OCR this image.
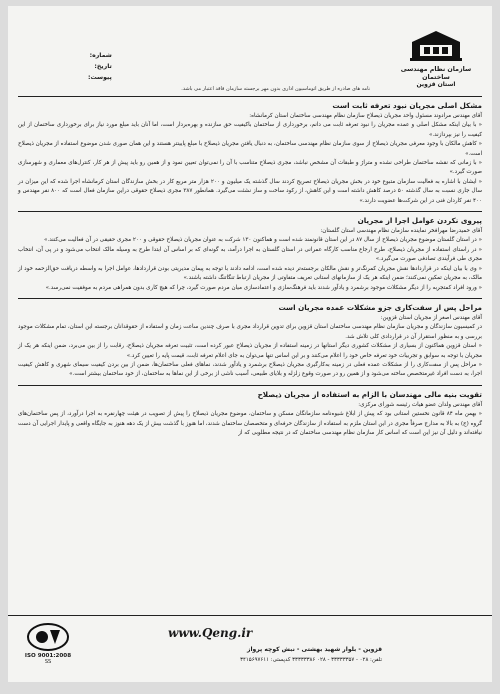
سازمان نظام مهندسی ساختمان
استان قزوین
شماره:
تاریخ:
پیوست:
نامه های صادره از طریق اتوماسیون اداری بدون مهر برجسته سازمان فاقد اعتبار می باشد.
مشکل اصلی مجریان نبود تعرفه ثابت است

آقای مهندس مرادوند مسئول واحد مجریان ذیصلاح سازمان نظام مهندسی ساختمان استان کرمانشاه:

« با بیان اینکه مشکل اصلی و عمده مجریان را نبود تعرفه ثابت می دانم، برخورداری از ساختمان باکیفیت حق سازنده و بهره‌بردار است، اما آنان باید مبلغ مورد نیاز برای برخورداری ساختمان از این کیفیت را نیز بپردازند.»

« کاهش مالکان با وجود معرفی مجریان ذیصلاح از سوی سازمان نظام مهندسی ساختمان، به دنبال یافتن مجریان ذیصلاح با مبلغ پایینتر هستند و این همان صوری شدن موضوع استفاده از مجریان ذیصلاح است.»

« با زمانی که نقشه ساختمان طراحی نشده و متراژ و طبقات آن مشخص نباشد، مجری ذیصلاح متناسب با آن را نمی‌توان تعیین نمود و از همین رو باید پیش از هر کار، کنترل‌های معماری و شهرسازی صورت گیرد.»

« ایشان با اشاره به فعالیت سازمان متبوع خود در بخش مجریان ذیصلاح تصریح کردند سال گذشته یک میلیون و ۲۰۰ هزار متر مربع کار در بخش سازندگان استان کرمانشاه اجرا شده که این میزان در سال جاری نسبت به سال گذشته ۵۰ درصد کاهش داشته است و این کاهش، از رکود ساخت و ساز نشئت می‌گیرد. همانطور ۳۸۷ مجری ذیصلاح حقوقی دراین سازمان فعال است که ۸۰۰ نفر مهندس و ۴۰۰ نفر کاردان فنی در این شرکت‌ها عضویت دارند.»

پیروی نکردن عوامل اجرا از مجریان

آقای حمیدرضا مهرافخر نماینده سازمان نظام مهندسی استان گلستان:

« در استان گلستان موضوع مجریان ذیصلاح از سال ۸۷ در این استان قانونمند شده است و هماکنون ۱۳۰ شرکت به عنوان مجریان ذیصلاح حقوقی و ۲۰۰ مجری حقیقی در آن فعالیت می‌کنند.»

« در راستای استفاده از مجریان ذیصلاح، طرح ارجاع مناسب کارگاه عمرانی در استان گلستان به اجرا درآمد، به گونه‌ای که بر اساس آن ابتدا طرح به وسیله مالک انتخاب می‌شود و در پی آن، انتخاب مجری طی فرآیندی تصادفی صورت می‌گیرد.»

« وی با بیان اینکه در قراردادها نقش مجریان کمرنگ‌تر و نقش مالکان برجسته‌تر دیده شده است، ادامه دادند با توجه به پیمان مدیریتی بودن قراردادها، عوامل اجرا به واسطه دریافت حق‌الزحمه خود از مالک، به مجریان تمکین نمی‌کنند؛ ضمن اینکه هر یک از سازمانهای استانی تعریف متفاوتی از مجریان ارتباط تنگاتنگ داشته باشند.»

« ورود افراد کمتجربه را از دیگر مشکلات موجود برشمرد و یادآور شدند باید فرهنگ‌سازی و اعتمادسازی میان مردم صورت گیرد، چرا که هیچ کاری بدون همراهی مردم به موفقیت نمی‌رسد.»

مراحل پس از سفت‌کاری جزو مشکلات عمده مجریان است

آقای مهندس اصغر از مجریان استان قزوین:

در کمیسیون سازندگان و مجریان سازمان نظام مهندسی ساختمان استان قزوین برای تدوین قرارداد مجری با صرف چندین ساعت زمان و استفاده از حقوقدانان برجسته این استان، تمام مشکلات موجود بررسی و به منظور استقرار آن در قراردادی کلی تلاش شد.

« استان قزوین هماکنون از بسیاری از مشکلات کشوری دیگر استانها در زمینه استفاده از مجریان ذیصلاح عبور کرده است، تثبیت تعرفه مجریان ذیصلاح، رقابت را از بین می‌برد، ضمن اینکه هر یک از مجریان با توجه به سوابق و تجربیات خود تعرفه خاص خود را اعلام می‌کنند و بر این اساس تنها می‌توان به جای اعلام تعرفه ثابت، قیمت پایه را تعیین کرد.»

« مراحل پس از سفت‌کاری را از مشکلات عمده فعلی در زمینه به‌کارگیری مجریان ذیصلاح برشمرد و یادآور شدند، نماهای فعلی ساختمان‌ها، ضمن از بین بردن کیفیت سیمای شهری و کاهش کیفیت اجرا، به دست افراد غیرمتخصص ساخته می‌شود و از همین رو در صورت وقوع زلزله و بلایای طبیعی، آسیب ناشی از برخی از این نماها به ساختمان، از خود ساختمان بیشتر است.»

تقویت بنیه مالی مهندسان با الزام به استفاده از مجریان ذیصلاح

آقای مهندس ولدان عضو هیات رئیسه شورای مرکزی:

« بهمن ماه ۸۴ قانون نخستین استانی بود که پیش از ابلاغ شیوه‌نامه سازمانگان مسکن و ساختمان، موضوع مجریان ذیصلاح را پیش از تصویب در هیئت چهارنفره به اجرا درآورد، از پس ساختمان‌های گروه (ج) به بالا به مدارج صرفاً مجری در این استان ملزم به استفاده از سازندگان حرفه‌ای و متخصصان ساختمان شدند، اما هنوز با گذشت بیش از یک دهه هنوز به جایگاه واقعی و پایدار اجرایی آن دست نیافته‌اند و دلیل آن نیز این است که اساس کار سازمان نظام مهندسی ساختمان که در نتیجه مطلوبی که از

ISO 9001:2008
SS
www.Qeng.ir
قزوین - بلوار شهید بهشتی - نبش کوچه پرواز
تلفن: ۰۲۸ - ۳۳۳۳۳۳۵۷ - ۰۲۸ ۳۳۳۳۳۳۸۶ کدپستی: ۳۴۱۵۶۹۷۶۱۱
